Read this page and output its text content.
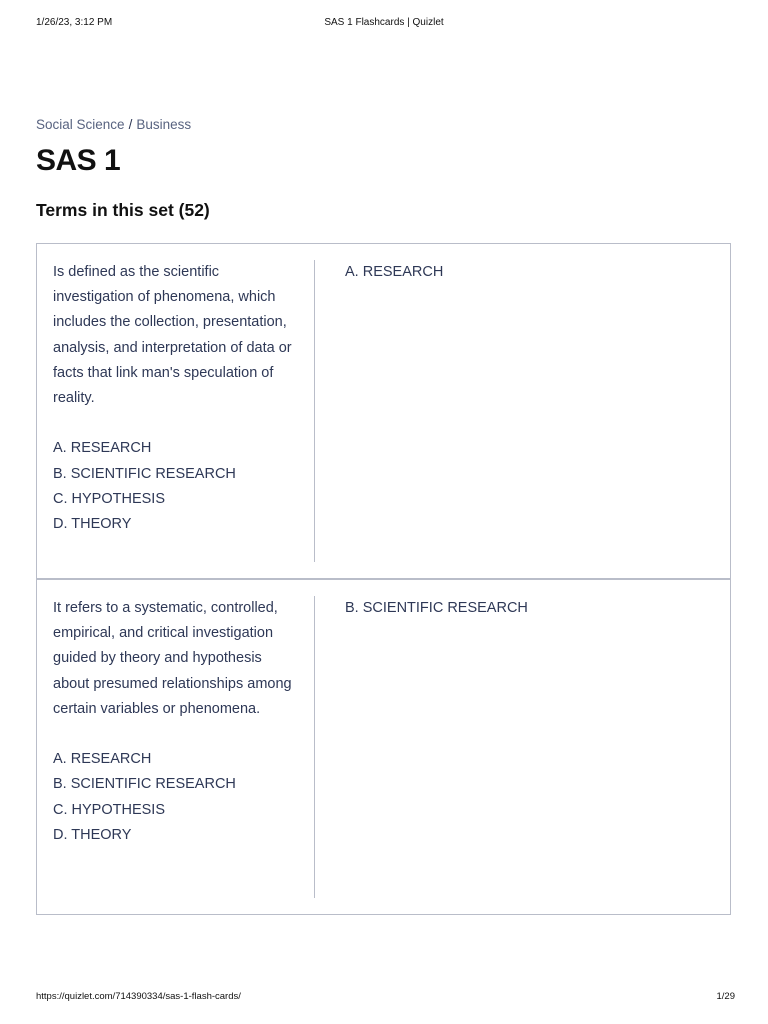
1/26/23, 3:12 PM	SAS 1 Flashcards | Quizlet
Social Science / Business
SAS 1
Terms in this set (52)
Is defined as the scientific investigation of phenomena, which includes the collection, presentation, analysis, and interpretation of data or facts that link man's speculation of reality.

A. RESEARCH
B. SCIENTIFIC RESEARCH
C. HYPOTHESIS
D. THEORY
A. RESEARCH
It refers to a systematic, controlled, empirical, and critical investigation guided by theory and hypothesis about presumed relationships among certain variables or phenomena.

A. RESEARCH
B. SCIENTIFIC RESEARCH
C. HYPOTHESIS
D. THEORY
B. SCIENTIFIC RESEARCH
https://quizlet.com/714390334/sas-1-flash-cards/	1/29
